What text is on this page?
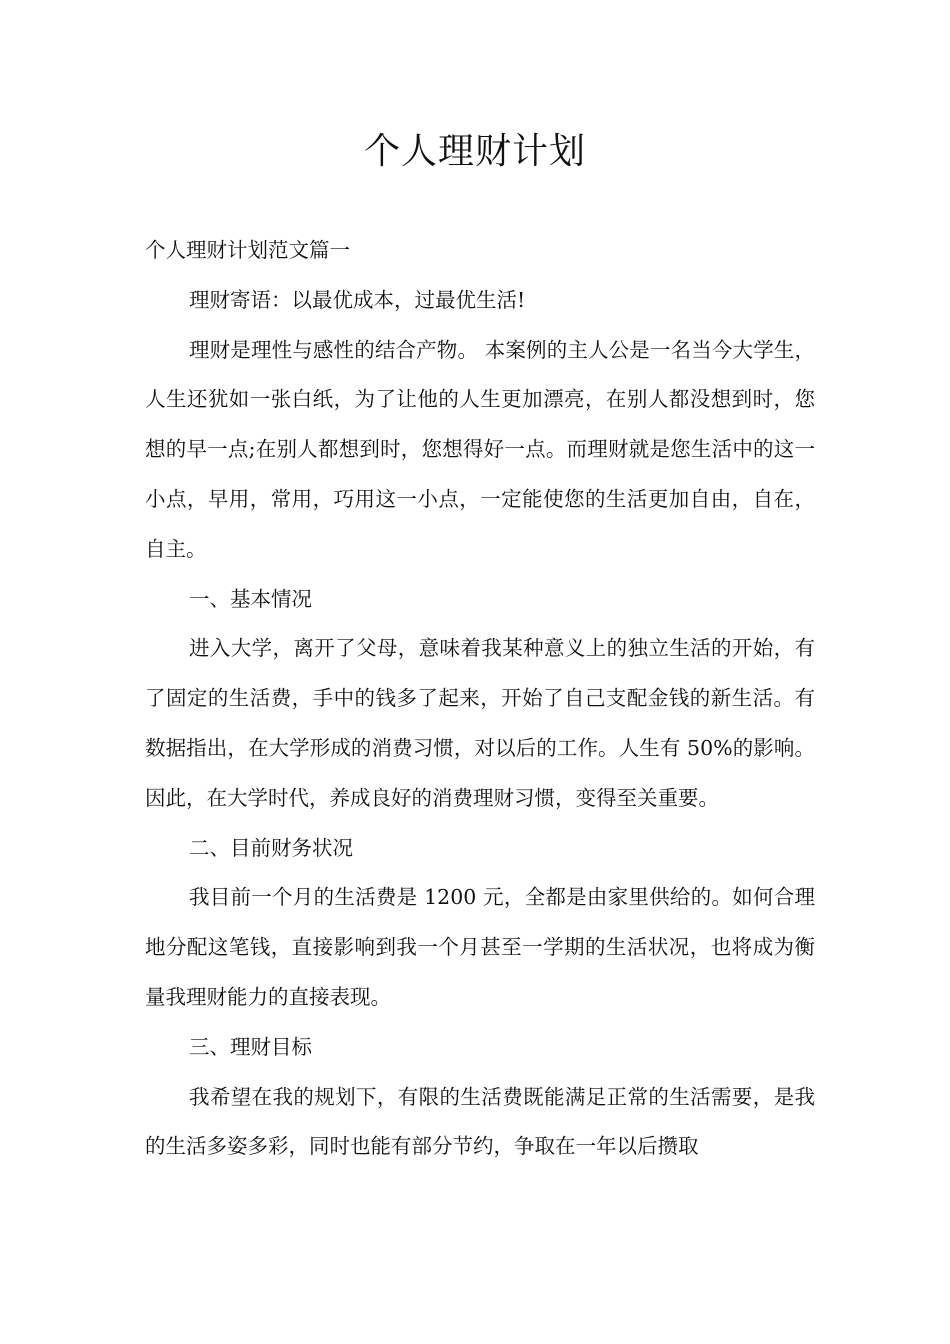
个人理财计划

个人理财计划范文篇一

理财寄语：以最优成本，过最优生活!

理财是理性与感性的结合产物。 本案例的主人公是一名当今大学生，人生还犹如一张白纸，为了让他的人生更加漂亮，在别人都没想到时，您想的早一点;在别人都想到时，您想得好一点。而理财就是您生活中的这一小点，早用，常用，巧用这一小点，一定能使您的生活更加自由，自在，自主。

一、基本情况

进入大学，离开了父母，意味着我某种意义上的独立生活的开始，有了固定的生活费，手中的钱多了起来，开始了自己支配金钱的新生活。有数据指出，在大学形成的消费习惯，对以后的工作。人生有 50%的影响。因此，在大学时代，养成良好的消费理财习惯，变得至关重要。

二、目前财务状况

我目前一个月的生活费是 1200 元，全都是由家里供给的。如何合理地分配这笔钱，直接影响到我一个月甚至一学期的生活状况，也将成为衡量我理财能力的直接表现。

三、理财目标

我希望在我的规划下，有限的生活费既能满足正常的生活需要，是我的生活多姿多彩，同时也能有部分节约，争取在一年以后攒取
